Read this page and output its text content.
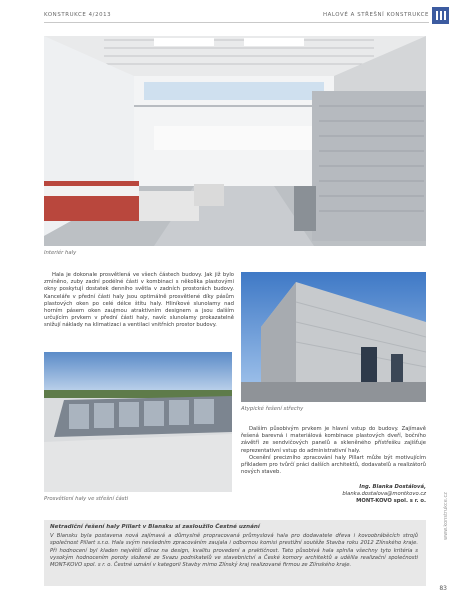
KONSTRUKCE 4/2013	HALOVÉ A STŘEŠNÍ KONSTRUKCE
Interiér haly

Hala je dokonale prosvětlená ve všech částech budovy. Jak již bylo zmíněno, zuby zadní podélné části v kombinaci s několika plastovými okny poskytují dostatek denního světla v zadních prostorách budovy. Kanceláře v přední části haly jsou optimálně prosvětlené díky pásům plastových oken po celé délce štítu haly. Hliníkové slunolamy nad horním pásem oken zaujmou atraktivním designem a jsou dalším určujícím prvkem v přední části haly, navíc slunolamy prokazatelně snižují náklady na klimatizaci a ventilaci vnitřních prostor budovy.

Atypické řešení střechy

Dalším působivým prvkem je hlavní vstup do budovy. Zajímavě řešená barevná i materiálová kombinace plastových dveří, bočního závětří ze sendvičových panelů a skleněného přístřešku zajišťuje reprezentativní vstup do administrativní haly.

Ocenění precizního zpracování haly Pillart může být motivujícím příkladem pro tvůrčí práci dalších architektů, dodavatelů a realizátorů nových staveb.

Prosvětlení haly ve střešní části
Ing. Blanka Dostálová,
blanka.dostalova@montkovo.cz
MONT-KOVO spol. s r. o.
Netradiční řešení haly Pillart v Blansku si zasloužilo Čestné uznání
V Blansku byla postavena nová zajímavá a důmyslně propracovaná průmyslová hala pro dodavatele dřeva i kovoobráběcích strojů společnost Pillart s.r.o. Hala svým nevšedním zpracováním zaujala i odbornou komisi prestižní soutěže Stavba roku 2012 Zlínského kraje. Při hodnocení byl kladen největší důraz na design, kvalitu provedení a praktičnost. Tato působivá hala splnila všechny tyto kritéria s vysokým hodnocením poroty složené ze Svazu podnikatelů ve stavebnictví a České komory architektů a udělila realizační společnosti MONT-KOVO spol. s r. o. Čestné uznání v kategorii Stavby mimo Zlínský kraj realizované firmou ze Zlínského kraje.
www.konstrukce.cz
83
